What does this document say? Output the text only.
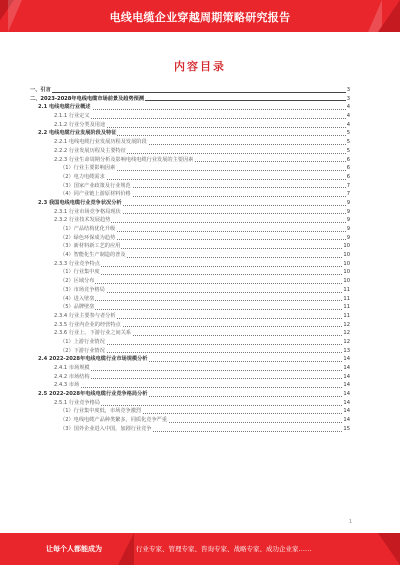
电线电缆企业穿越周期策略研究报告
内容目录
一、引言	3
二、2023-2028年电线电缆市场前景及趋势预测	3
2.1 电线电缆行业概述	4
2.1.1 行业定义	4
2.1.2 行业分类及用途	4
2.2 电线电缆行业发展阶段及特征	5
2.2.1 电线电缆行业发展历程及发展阶段	5
2.2.2 行业发展历程及主要特征	5
2.2.3 行业生命周期分析及影响电线电缆行业发展的主要因素	6
（1）行业主要影响因素	6
（2）电力电缆需求	6
（3）国家产业政策及行业规范	7
（4）同产业链上游原材料价格	7
2.3 我国电线电缆行业竞争状况分析	9
2.3.1 行业市场竞争格局现状	9
2.3.2 行业技术发展趋势	9
（1）产品结构优化升级	9
（2）绿色环保成为趋势	9
（3）新材料新工艺的应用	10
（4）智能化生产制造的普及	10
2.3.3 行业竞争特点	10
（1）行业集中度	10
（2）区域分布	10
（3）市场竞争格局	11
（4）进入壁垒	11
（5）品牌壁垒	11
2.3.4 行业主要参与者分析	11
2.3.5 行业内企业的经营特点	12
2.3.6 行业上、下游行业之间关系	12
（1）上游行业情况	12
（2）下游行业情况	13
2.4 2022-2028年电线电缆行业市场规模分析	14
2.4.1 市场规模	14
2.4.2 市场结构	14
2.4.3 市场	14
2.5 2022-2028年电线电缆行业竞争格局分析	14
2.5.1 行业竞争格局	14
（1）行业集中度低，市场竞争激烈	14
（2）电线电缆产品种类繁多，同质化竞争严重	14
（3）国外企业进入中国，加剧行业竞争	15
1
让每个人都能成为	行业专家、管理专家、咨询专家、战略专家、成功企业家……
